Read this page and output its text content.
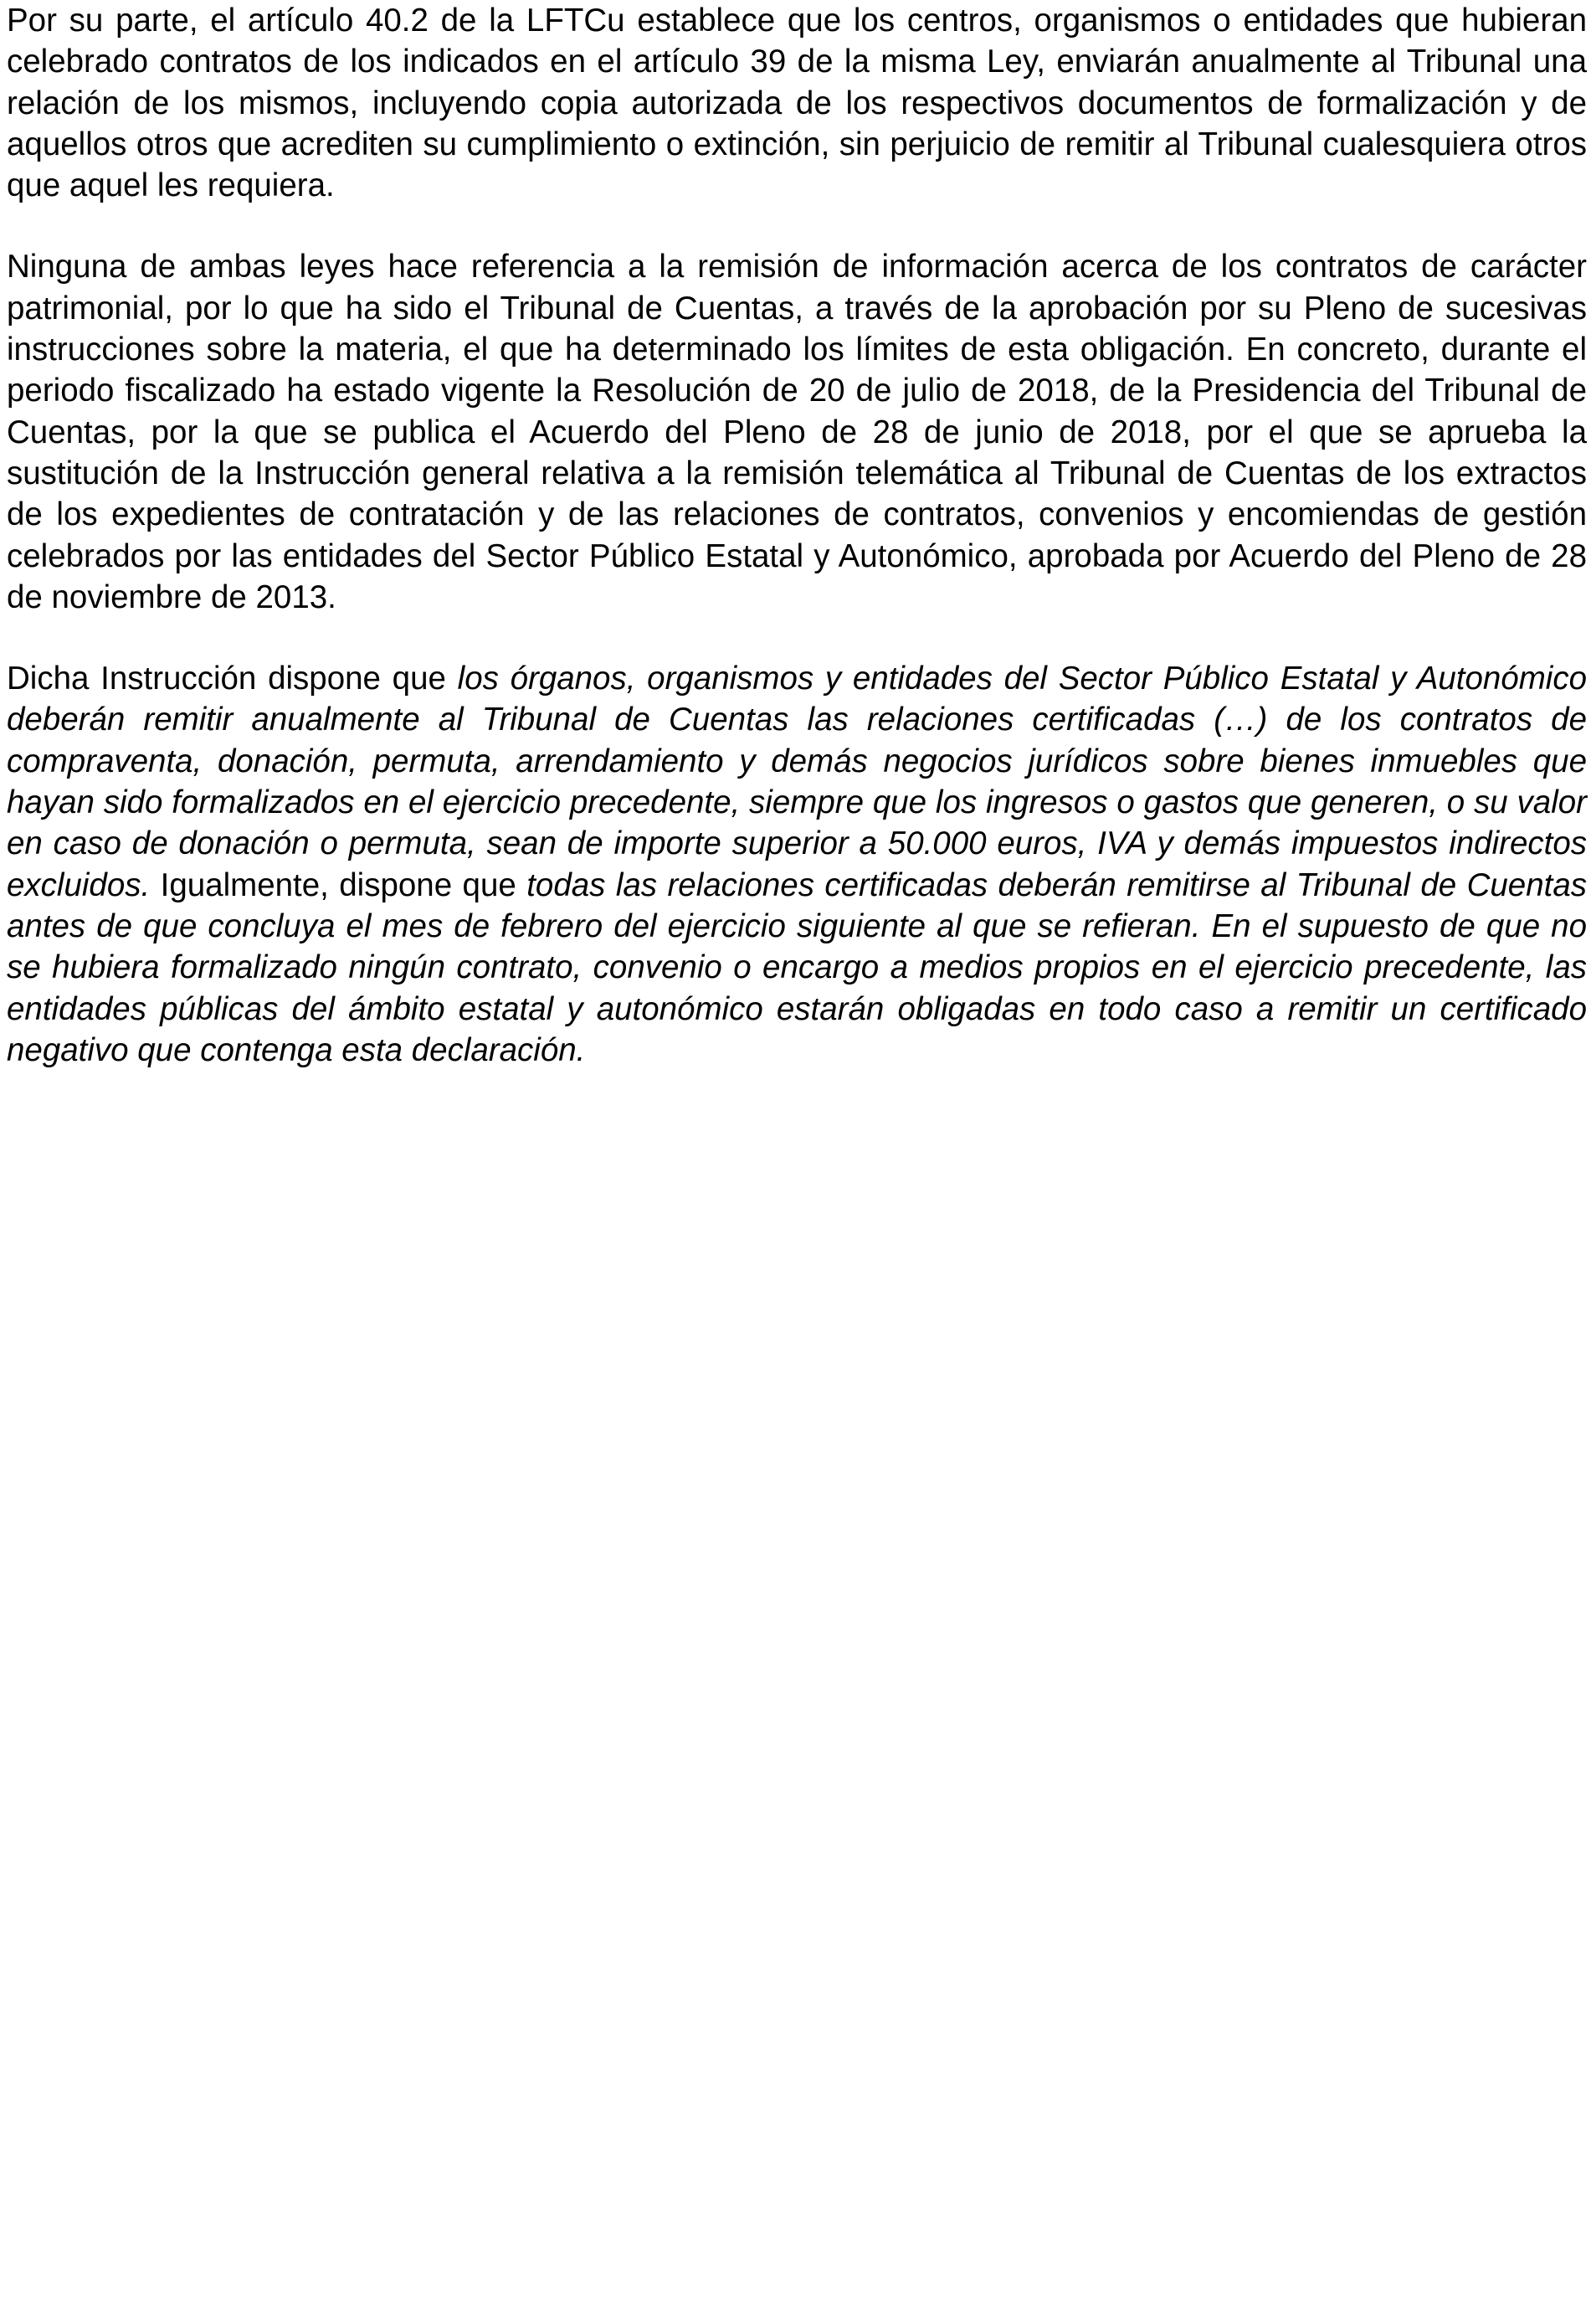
Por su parte, el artículo 40.2 de la LFTCu establece que los centros, organismos o entidades que hubieran celebrado contratos de los indicados en el artículo 39 de la misma Ley, enviarán anualmente al Tribunal una relación de los mismos, incluyendo copia autorizada de los respectivos documentos de formalización y de aquellos otros que acrediten su cumplimiento o extinción, sin perjuicio de remitir al Tribunal cualesquiera otros que aquel les requiera.

Ninguna de ambas leyes hace referencia a la remisión de información acerca de los contratos de carácter patrimonial, por lo que ha sido el Tribunal de Cuentas, a través de la aprobación por su Pleno de sucesivas instrucciones sobre la materia, el que ha determinado los límites de esta obligación. En concreto, durante el periodo fiscalizado ha estado vigente la Resolución de 20 de julio de 2018, de la Presidencia del Tribunal de Cuentas, por la que se publica el Acuerdo del Pleno de 28 de junio de 2018, por el que se aprueba la sustitución de la Instrucción general relativa a la remisión telemática al Tribunal de Cuentas de los extractos de los expedientes de contratación y de las relaciones de contratos, convenios y encomiendas de gestión celebrados por las entidades del Sector Público Estatal y Autonómico, aprobada por Acuerdo del Pleno de 28 de noviembre de 2013.

Dicha Instrucción dispone que los órganos, organismos y entidades del Sector Público Estatal y Autonómico deberán remitir anualmente al Tribunal de Cuentas las relaciones certificadas (…) de los contratos de compraventa, donación, permuta, arrendamiento y demás negocios jurídicos sobre bienes inmuebles que hayan sido formalizados en el ejercicio precedente, siempre que los ingresos o gastos que generen, o su valor en caso de donación o permuta, sean de importe superior a 50.000 euros, IVA y demás impuestos indirectos excluidos. Igualmente, dispone que todas las relaciones certificadas deberán remitirse al Tribunal de Cuentas antes de que concluya el mes de febrero del ejercicio siguiente al que se refieran. En el supuesto de que no se hubiera formalizado ningún contrato, convenio o encargo a medios propios en el ejercicio precedente, las entidades públicas del ámbito estatal y autonómico estarán obligadas en todo caso a remitir un certificado negativo que contenga esta declaración.
